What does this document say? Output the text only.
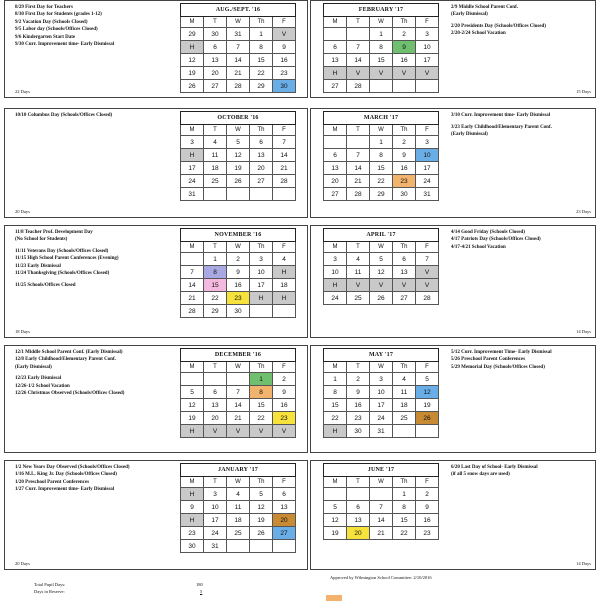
8/29 First Day for Teachers
8/30 First Day for Students (grades 1-12)
9/2 Vacation Day (Schools Closed)
9/5 Labor day (Schools/Offices Closed)
9/6 Kindergarten Start Date
9/30 Curr. Improvement time- Early Dismissal
AUG./SEPT. '16				
M	T	W	Th	F
29	30	31	1	V
H	6	7	8	9
12	13	14	15	16
19	20	21	22	23
26	27	28	29	30
22 Days
2/9 Middle School Parent Conf.
(Early Dismissal)
2/20 Presidents Day (Schools/Offices Closed)
2/20-2/24 School Vacation
FEBRUARY '17				
M	T	W	Th	F
		1	2	3
6	7	8	9	10
13	14	15	16	17
H	V	V	V	V
27	28			
15 Days
10/10 Columbus Day (Schools/Offices Closed)	OCTOBER '16				
M	T	W	Th	F
3	4	5	6	7
H	11	12	13	14
17	18	19	20	21
24	25	26	27	28
31				
20 Days
3/10 Curr. Improvement time- Early Dismissal
3/23 Early Childhood/Elementary Parent Conf.
(Early Dismissal)
MARCH '17				
M	T	W	Th	F
		1	2	3
6	7	8	9	10
13	14	15	16	17
20	21	22	23	24
27	28	29	30	31
23 Days
11/8 Teacher Prof. Development Day
(No School for Students)
11/11 Veterans Day (Schools/Offices Closed)
11/15 High School Parent Conferences (Evening)
11/23 Early Dismissal
11/24 Thanksgiving (Schools/Offices Closed)
11/25 Schools/Offices Closed
NOVEMBER '16				
M	T	W	Th	F
	1	2	3	4
7	8	9	10	H
14	15	16	17	18
21	22	23	H	H
28	29	30		
18 Days
4/14 Good Friday (Schools Closed)
4/17 Patriots Day (Schools/Offices Closed)
4/17-4/21 School Vacation
APRIL '17				
M	T	W	Th	F
3	4	5	6	7
10	11	12	13	V
H	V	V	V	V
24	25	26	27	28
14 Days
12/1 Middle School Parent Conf. (Early Dismissal)
12/8 Early Childhood/Elementary Parent Conf.
(Early Dismissal)
12/23 Early Dismissal
12/26-1/2 School Vacation
12/26 Christmas Observed (Schools/Offices Closed)
DECEMBER '16				
M	T	W	Th	F
			1	2
5	6	7	8	9
12	13	14	15	16
19	20	21	22	23
H	V	V	V	V
5/12 Curr. Improvement Time- Early Dismissal
5/26 Preschool Parent Conferences
5/29 Memorial Day (Schools/Offices Closed)
MAY '17				
M	T	W	Th	F
1	2	3	4	5
8	9	10	11	12
15	16	17	18	19
22	23	24	25	26
H	30	31		
1/2 New Years Day Observed (Schools/Offices Closed)
1/16 M.L. King Jr. Day (Schools/Offices Closed)
1/20 Preschool Parent Conferences
1/27 Curr. Improvement time- Early Dismissal
JANUARY '17				
M	T	W	Th	F
H	3	4	5	6
9	10	11	12	13
H	17	18	19	20
23	24	25	26	27
30	31			
20 Days
6/20 Last Day of School- Early Dismissal
(if all 5 snow days are used)
JUNE '17				
M	T	W	Th	F
			1	2
5	6	7	8	9
12	13	14	15	16
19	20	21	22	23
14 Days
Total Pupil Days:	180
Days in Reserve:	5
Approved by Wilmington School Committee: 2/10/2016
